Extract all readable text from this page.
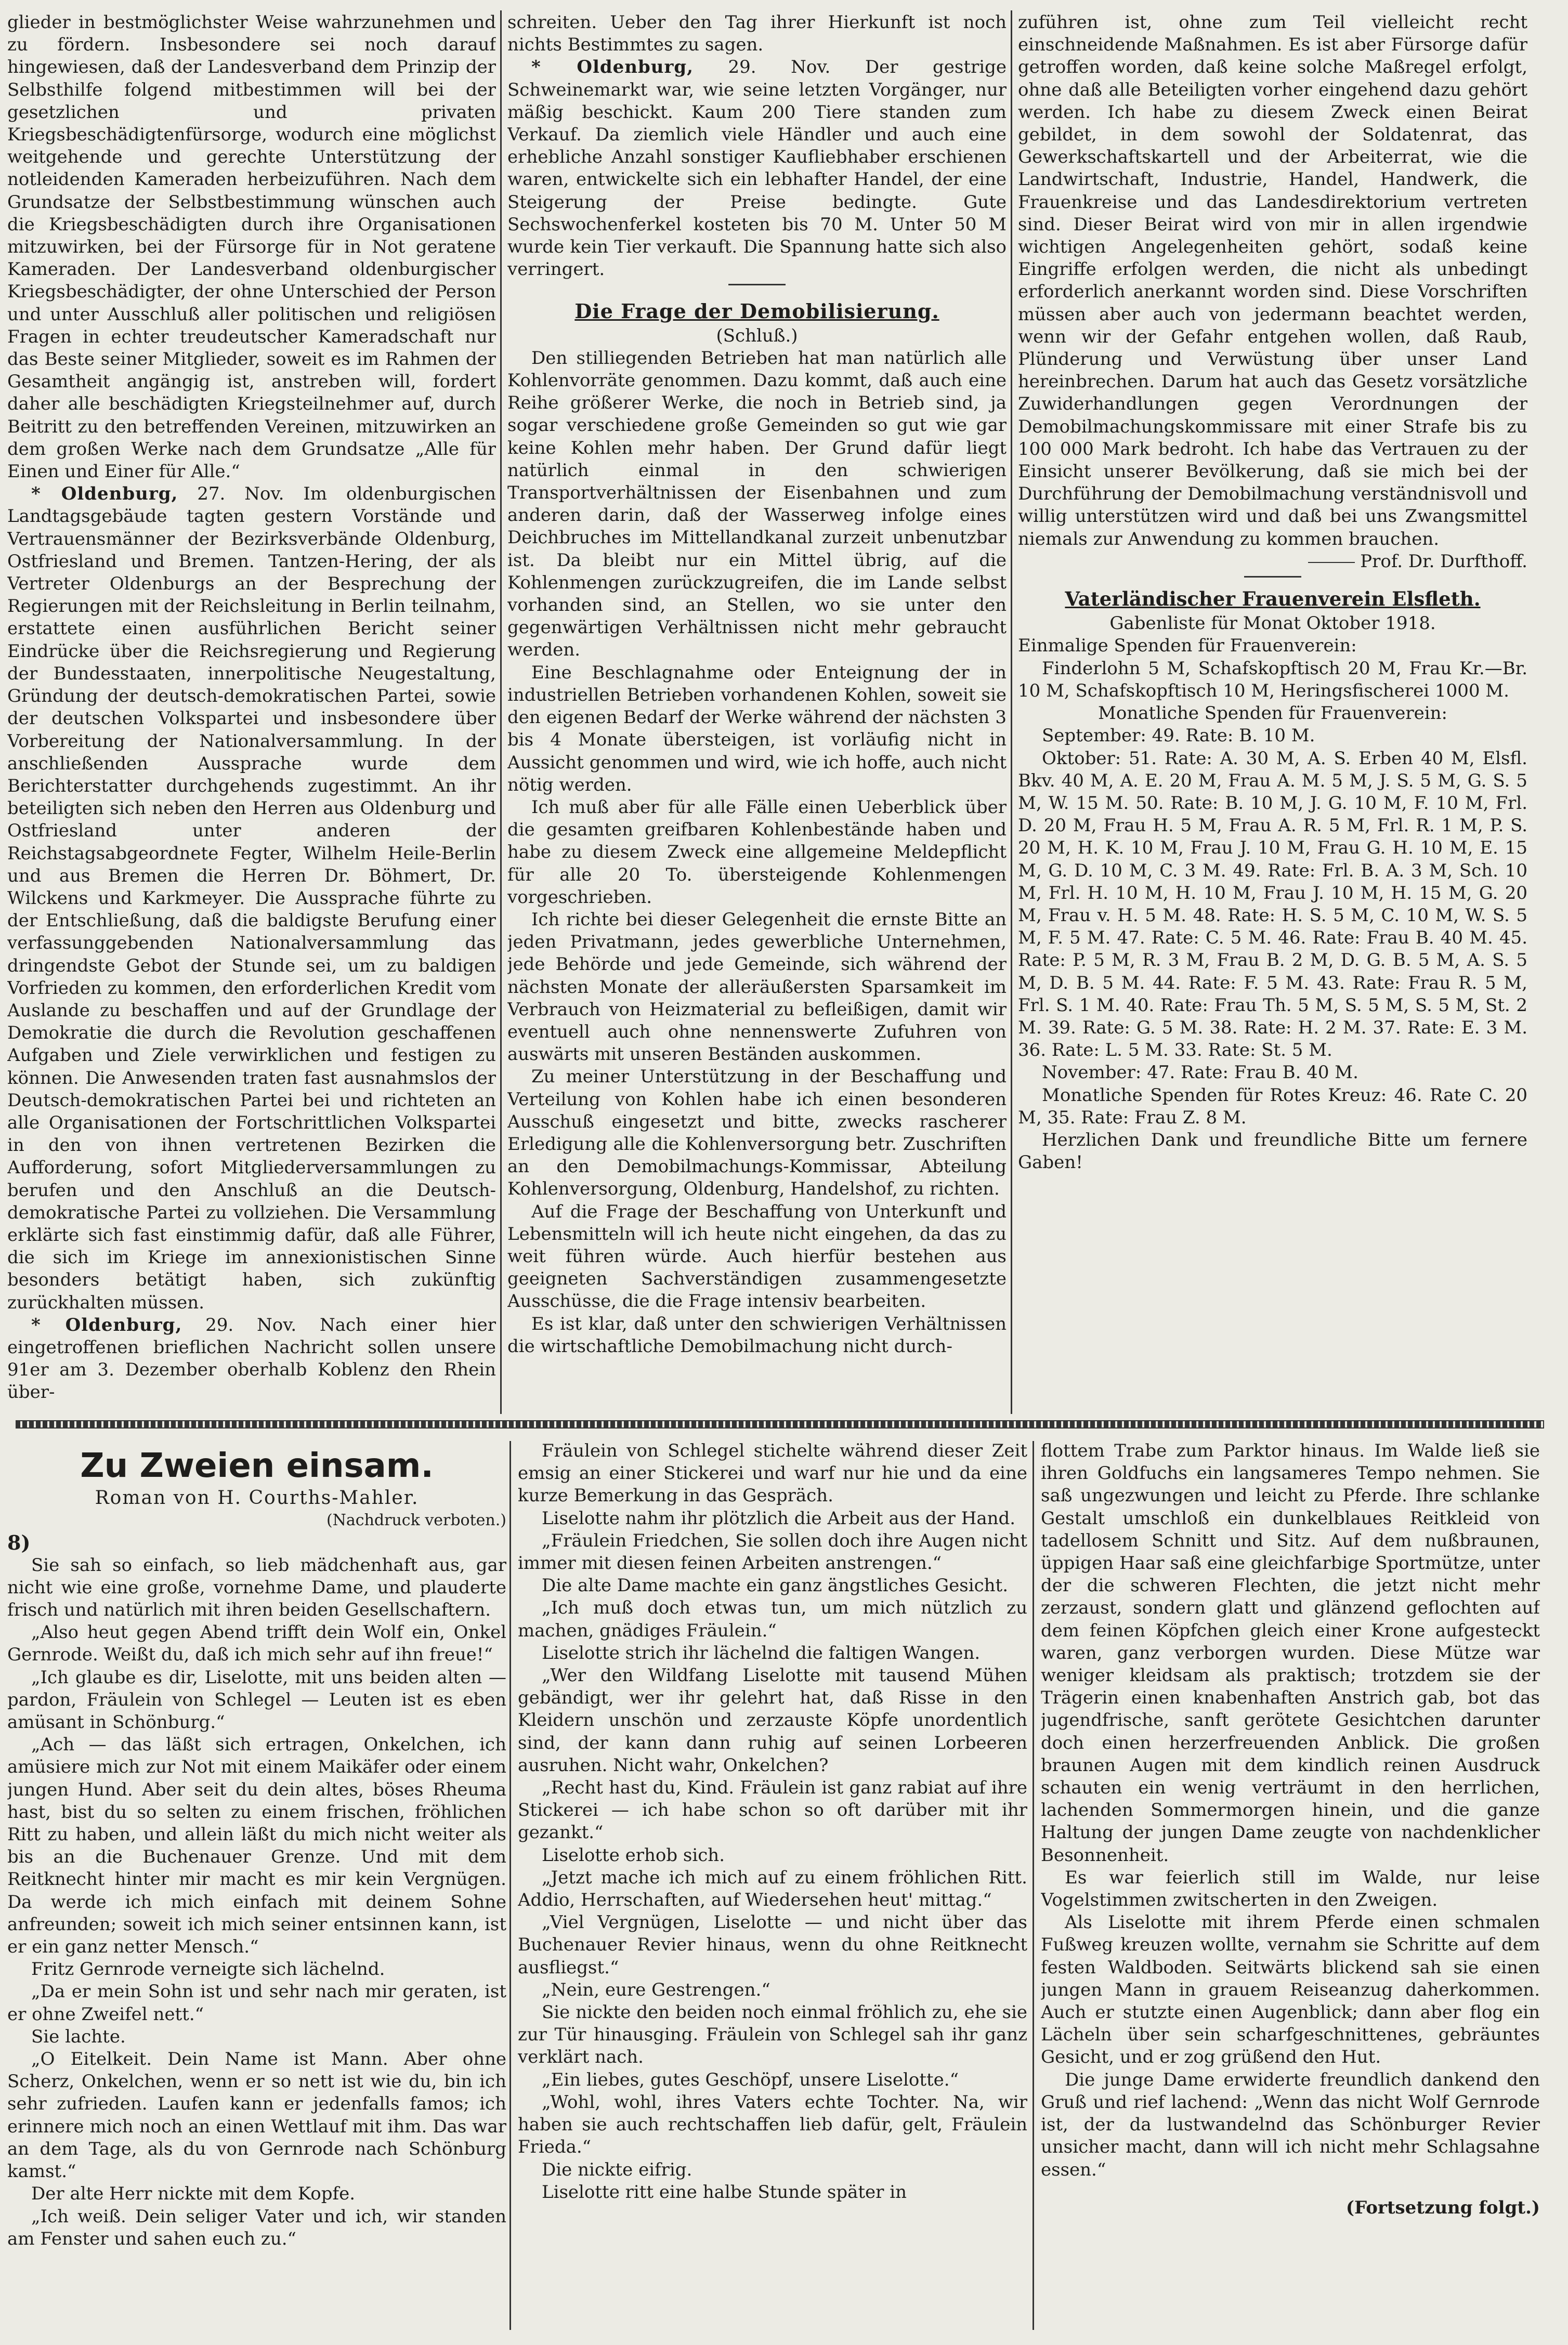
glieder in bestmöglichster Weise wahrzunehmen und zu fördern. Insbesondere sei noch darauf hingewiesen, daß der Landesverband dem Prinzip der Selbsthilfe folgend mitbestimmen will bei der gesetzlichen und privaten Kriegsbeschädigtenfürsorge, wodurch eine möglichst weitgehende und gerechte Unterstützung der notleidenden Kameraden herbeizuführen. Nach dem Grundsatze der Selbstbestimmung wünschen auch die Kriegsbeschädigten durch ihre Organisationen mitzuwirken, bei der Fürsorge für in Not geratene Kameraden. Der Landesverband oldenburgischer Kriegsbeschädigter, der ohne Unterschied der Person und unter Ausschluß aller politischen und religiösen Fragen in echter treudeutscher Kameradschaft nur das Beste seiner Mitglieder, soweit es im Rahmen der Gesamtheit angängig ist, anstreben will, fordert daher alle beschädigten Kriegsteilnehmer auf, durch Beitritt zu den betreffenden Vereinen, mitzuwirken an dem großen Werke nach dem Grundsatze „Alle für Einen und Einer für Alle.“

* Oldenburg, 27. Nov. Im oldenburgischen Landtagsgebäude tagten gestern Vorstände und Vertrauensmänner der Bezirksverbände Oldenburg, Ostfriesland und Bremen. Tantzen-Hering, der als Vertreter Oldenburgs an der Besprechung der Regierungen mit der Reichsleitung in Berlin teilnahm, erstattete einen ausführlichen Bericht seiner Eindrücke über die Reichsregierung und Regierung der Bundesstaaten, innerpolitische Neugestaltung, Gründung der deutsch-demokratischen Partei, sowie der deutschen Volkspartei und insbesondere über Vorbereitung der Nationalversammlung. In der anschließenden Aussprache wurde dem Berichterstatter durchgehends zugestimmt. An ihr beteiligten sich neben den Herren aus Oldenburg und Ostfriesland unter anderen der Reichstagsabgeordnete Fegter, Wilhelm Heile-Berlin und aus Bremen die Herren Dr. Böhmert, Dr. Wilckens und Karkmeyer. Die Aussprache führte zu der Entschließung, daß die baldigste Berufung einer verfassunggebenden Nationalversammlung das dringendste Gebot der Stunde sei, um zu baldigen Vorfrieden zu kommen, den erforderlichen Kredit vom Auslande zu beschaffen und auf der Grundlage der Demokratie die durch die Revolution geschaffenen Aufgaben und Ziele verwirklichen und festigen zu können. Die Anwesenden traten fast ausnahmslos der Deutsch-demokratischen Partei bei und richteten an alle Organisationen der Fortschrittlichen Volkspartei in den von ihnen vertretenen Bezirken die Aufforderung, sofort Mitgliederversammlungen zu berufen und den Anschluß an die Deutsch-demokratische Partei zu vollziehen. Die Versammlung erklärte sich fast einstimmig dafür, daß alle Führer, die sich im Kriege im annexionistischen Sinne besonders betätigt haben, sich zukünftig zurückhalten müssen.

* Oldenburg, 29. Nov. Nach einer hier eingetroffenen brieflichen Nachricht sollen unsere 91er am 3. Dezember oberhalb Koblenz den Rhein über-

schreiten. Ueber den Tag ihrer Hierkunft ist noch nichts Bestimmtes zu sagen.

* Oldenburg, 29. Nov. Der gestrige Schweinemarkt war, wie seine letzten Vorgänger, nur mäßig beschickt. Kaum 200 Tiere standen zum Verkauf. Da ziemlich viele Händler und auch eine erhebliche Anzahl sonstiger Kaufliebhaber erschienen waren, entwickelte sich ein lebhafter Handel, der eine Steigerung der Preise bedingte. Gute Sechswochenferkel kosteten bis 70 M. Unter 50 M wurde kein Tier verkauft. Die Spannung hatte sich also verringert.

Die Frage der Demobilisierung.
(Schluß.)

Den stilliegenden Betrieben hat man natürlich alle Kohlenvorräte genommen. Dazu kommt, daß auch eine Reihe größerer Werke, die noch in Betrieb sind, ja sogar verschiedene große Gemeinden so gut wie gar keine Kohlen mehr haben. Der Grund dafür liegt natürlich einmal in den schwierigen Transportverhältnissen der Eisenbahnen und zum anderen darin, daß der Wasserweg infolge eines Deichbruches im Mittellandkanal zurzeit unbenutzbar ist. Da bleibt nur ein Mittel übrig, auf die Kohlenmengen zurückzugreifen, die im Lande selbst vorhanden sind, an Stellen, wo sie unter den gegenwärtigen Verhältnissen nicht mehr gebraucht werden.

Eine Beschlagnahme oder Enteignung der in industriellen Betrieben vorhandenen Kohlen, soweit sie den eigenen Bedarf der Werke während der nächsten 3 bis 4 Monate übersteigen, ist vorläufig nicht in Aussicht genommen und wird, wie ich hoffe, auch nicht nötig werden.

Ich muß aber für alle Fälle einen Ueberblick über die gesamten greifbaren Kohlenbestände haben und habe zu diesem Zweck eine allgemeine Meldepflicht für alle 20 To. übersteigende Kohlenmengen vorgeschrieben.

Ich richte bei dieser Gelegenheit die ernste Bitte an jeden Privatmann, jedes gewerbliche Unternehmen, jede Behörde und jede Gemeinde, sich während der nächsten Monate der alleräußersten Sparsamkeit im Verbrauch von Heizmaterial zu befleißigen, damit wir eventuell auch ohne nennenswerte Zufuhren von auswärts mit unseren Beständen auskommen.

Zu meiner Unterstützung in der Beschaffung und Verteilung von Kohlen habe ich einen besonderen Ausschuß eingesetzt und bitte, zwecks rascherer Erledigung alle die Kohlenversorgung betr. Zuschriften an den Demobilmachungs-Kommissar, Abteilung Kohlenversorgung, Oldenburg, Handelshof, zu richten.

Auf die Frage der Beschaffung von Unterkunft und Lebensmitteln will ich heute nicht eingehen, da das zu weit führen würde. Auch hierfür bestehen aus geeigneten Sachverständigen zusammengesetzte Ausschüsse, die die Frage intensiv bearbeiten.

Es ist klar, daß unter den schwierigen Verhältnissen die wirtschaftliche Demobilmachung nicht durch-

zuführen ist, ohne zum Teil vielleicht recht einschneidende Maßnahmen. Es ist aber Fürsorge dafür getroffen worden, daß keine solche Maßregel erfolgt, ohne daß alle Beteiligten vorher eingehend dazu gehört werden. Ich habe zu diesem Zweck einen Beirat gebildet, in dem sowohl der Soldatenrat, das Gewerkschaftskartell und der Arbeiterrat, wie die Landwirtschaft, Industrie, Handel, Handwerk, die Frauenkreise und das Landesdirektorium vertreten sind. Dieser Beirat wird von mir in allen irgendwie wichtigen Angelegenheiten gehört, sodaß keine Eingriffe erfolgen werden, die nicht als unbedingt erforderlich anerkannt worden sind. Diese Vorschriften müssen aber auch von jedermann beachtet werden, wenn wir der Gefahr entgehen wollen, daß Raub, Plünderung und Verwüstung über unser Land hereinbrechen. Darum hat auch das Gesetz vorsätzliche Zuwiderhandlungen gegen Verordnungen der Demobilmachungskommissare mit einer Strafe bis zu 100 000 Mark bedroht. Ich habe das Vertrauen zu der Einsicht unserer Bevölkerung, daß sie mich bei der Durchführung der Demobilmachung verständnisvoll und willig unterstützen wird und daß bei uns Zwangsmittel niemals zur Anwendung zu kommen brauchen.

Prof. Dr. Durfthoff.

Vaterländischer Frauenverein Elsfleth.
Gabenliste für Monat Oktober 1918.

Einmalige Spenden für Frauenverein:

Finderlohn 5 M, Schafskopftisch 20 M, Frau Kr.—Br. 10 M, Schafskopftisch 10 M, Heringsfischerei 1000 M.

Monatliche Spenden für Frauenverein:

September: 49. Rate: B. 10 M.

Oktober: 51. Rate: A. 30 M, A. S. Erben 40 M, Elsfl. Bkv. 40 M, A. E. 20 M, Frau A. M. 5 M, J. S. 5 M, G. S. 5 M, W. 15 M. 50. Rate: B. 10 M, J. G. 10 M, F. 10 M, Frl. D. 20 M, Frau H. 5 M, Frau A. R. 5 M, Frl. R. 1 M, P. S. 20 M, H. K. 10 M, Frau J. 10 M, Frau G. H. 10 M, E. 15 M, G. D. 10 M, C. 3 M. 49. Rate: Frl. B. A. 3 M, Sch. 10 M, Frl. H. 10 M, H. 10 M, Frau J. 10 M, H. 15 M, G. 20 M, Frau v. H. 5 M. 48. Rate: H. S. 5 M, C. 10 M, W. S. 5 M, F. 5 M. 47. Rate: C. 5 M. 46. Rate: Frau B. 40 M. 45. Rate: P. 5 M, R. 3 M, Frau B. 2 M, D. G. B. 5 M, A. S. 5 M, D. B. 5 M. 44. Rate: F. 5 M. 43. Rate: Frau R. 5 M, Frl. S. 1 M. 40. Rate: Frau Th. 5 M, S. 5 M, S. 5 M, St. 2 M. 39. Rate: G. 5 M. 38. Rate: H. 2 M. 37. Rate: E. 3 M. 36. Rate: L. 5 M. 33. Rate: St. 5 M.

November: 47. Rate: Frau B. 40 M.

Monatliche Spenden für Rotes Kreuz: 46. Rate C. 20 M, 35. Rate: Frau Z. 8 M.

Herzlichen Dank und freundliche Bitte um fernere Gaben!

Zu Zweien einsam.

Roman von H. Courths-Mahler.

(Nachdruck verboten.)

8)

Sie sah so einfach, so lieb mädchenhaft aus, gar nicht wie eine große, vornehme Dame, und plauderte frisch und natürlich mit ihren beiden Gesellschaftern.

„Also heut gegen Abend trifft dein Wolf ein, Onkel Gernrode. Weißt du, daß ich mich sehr auf ihn freue!“

„Ich glaube es dir, Liselotte, mit uns beiden alten — pardon, Fräulein von Schlegel — Leuten ist es eben amüsant in Schönburg.“

„Ach — das läßt sich ertragen, Onkelchen, ich amüsiere mich zur Not mit einem Maikäfer oder einem jungen Hund. Aber seit du dein altes, böses Rheuma hast, bist du so selten zu einem frischen, fröhlichen Ritt zu haben, und allein läßt du mich nicht weiter als bis an die Buchenauer Grenze. Und mit dem Reitknecht hinter mir macht es mir kein Vergnügen. Da werde ich mich einfach mit deinem Sohne anfreunden; soweit ich mich seiner entsinnen kann, ist er ein ganz netter Mensch.“

Fritz Gernrode verneigte sich lächelnd.

„Da er mein Sohn ist und sehr nach mir geraten, ist er ohne Zweifel nett.“

Sie lachte.

„O Eitelkeit. Dein Name ist Mann. Aber ohne Scherz, Onkelchen, wenn er so nett ist wie du, bin ich sehr zufrieden. Laufen kann er jedenfalls famos; ich erinnere mich noch an einen Wettlauf mit ihm. Das war an dem Tage, als du von Gernrode nach Schönburg kamst.“

Der alte Herr nickte mit dem Kopfe.

„Ich weiß. Dein seliger Vater und ich, wir standen am Fenster und sahen euch zu.“

Fräulein von Schlegel stichelte während dieser Zeit emsig an einer Stickerei und warf nur hie und da eine kurze Bemerkung in das Gespräch.

Liselotte nahm ihr plötzlich die Arbeit aus der Hand.

„Fräulein Friedchen, Sie sollen doch ihre Augen nicht immer mit diesen feinen Arbeiten anstrengen.“

Die alte Dame machte ein ganz ängstliches Gesicht.

„Ich muß doch etwas tun, um mich nützlich zu machen, gnädiges Fräulein.“

Liselotte strich ihr lächelnd die faltigen Wangen.

„Wer den Wildfang Liselotte mit tausend Mühen gebändigt, wer ihr gelehrt hat, daß Risse in den Kleidern unschön und zerzauste Köpfe unordentlich sind, der kann dann ruhig auf seinen Lorbeeren ausruhen. Nicht wahr, Onkelchen?

„Recht hast du, Kind. Fräulein ist ganz rabiat auf ihre Stickerei — ich habe schon so oft darüber mit ihr gezankt.“

Liselotte erhob sich.

„Jetzt mache ich mich auf zu einem fröhlichen Ritt. Addio, Herrschaften, auf Wiedersehen heut' mittag.“

„Viel Vergnügen, Liselotte — und nicht über das Buchenauer Revier hinaus, wenn du ohne Reitknecht ausfliegst.“

„Nein, eure Gestrengen.“

Sie nickte den beiden noch einmal fröhlich zu, ehe sie zur Tür hinausging. Fräulein von Schlegel sah ihr ganz verklärt nach.

„Ein liebes, gutes Geschöpf, unsere Liselotte.“

„Wohl, wohl, ihres Vaters echte Tochter. Na, wir haben sie auch rechtschaffen lieb dafür, gelt, Fräulein Frieda.“

Die nickte eifrig.

Liselotte ritt eine halbe Stunde später in

flottem Trabe zum Parktor hinaus. Im Walde ließ sie ihren Goldfuchs ein langsameres Tempo nehmen. Sie saß ungezwungen und leicht zu Pferde. Ihre schlanke Gestalt umschloß ein dunkelblaues Reitkleid von tadellosem Schnitt und Sitz. Auf dem nußbraunen, üppigen Haar saß eine gleichfarbige Sportmütze, unter der die schweren Flechten, die jetzt nicht mehr zerzaust, sondern glatt und glänzend geflochten auf dem feinen Köpfchen gleich einer Krone aufgesteckt waren, ganz verborgen wurden. Diese Mütze war weniger kleidsam als praktisch; trotzdem sie der Trägerin einen knabenhaften Anstrich gab, bot das jugendfrische, sanft gerötete Gesichtchen darunter doch einen herzerfreuenden Anblick. Die großen braunen Augen mit dem kindlich reinen Ausdruck schauten ein wenig verträumt in den herrlichen, lachenden Sommermorgen hinein, und die ganze Haltung der jungen Dame zeugte von nachdenklicher Besonnenheit.

Es war feierlich still im Walde, nur leise Vogelstimmen zwitscherten in den Zweigen.

Als Liselotte mit ihrem Pferde einen schmalen Fußweg kreuzen wollte, vernahm sie Schritte auf dem festen Waldboden. Seitwärts blickend sah sie einen jungen Mann in grauem Reiseanzug daherkommen. Auch er stutzte einen Augenblick; dann aber flog ein Lächeln über sein scharfgeschnittenes, gebräuntes Gesicht, und er zog grüßend den Hut.

Die junge Dame erwiderte freundlich dankend den Gruß und rief lachend: „Wenn das nicht Wolf Gernrode ist, der da lustwandelnd das Schönburger Revier unsicher macht, dann will ich nicht mehr Schlagsahne essen.“

(Fortsetzung folgt.)
